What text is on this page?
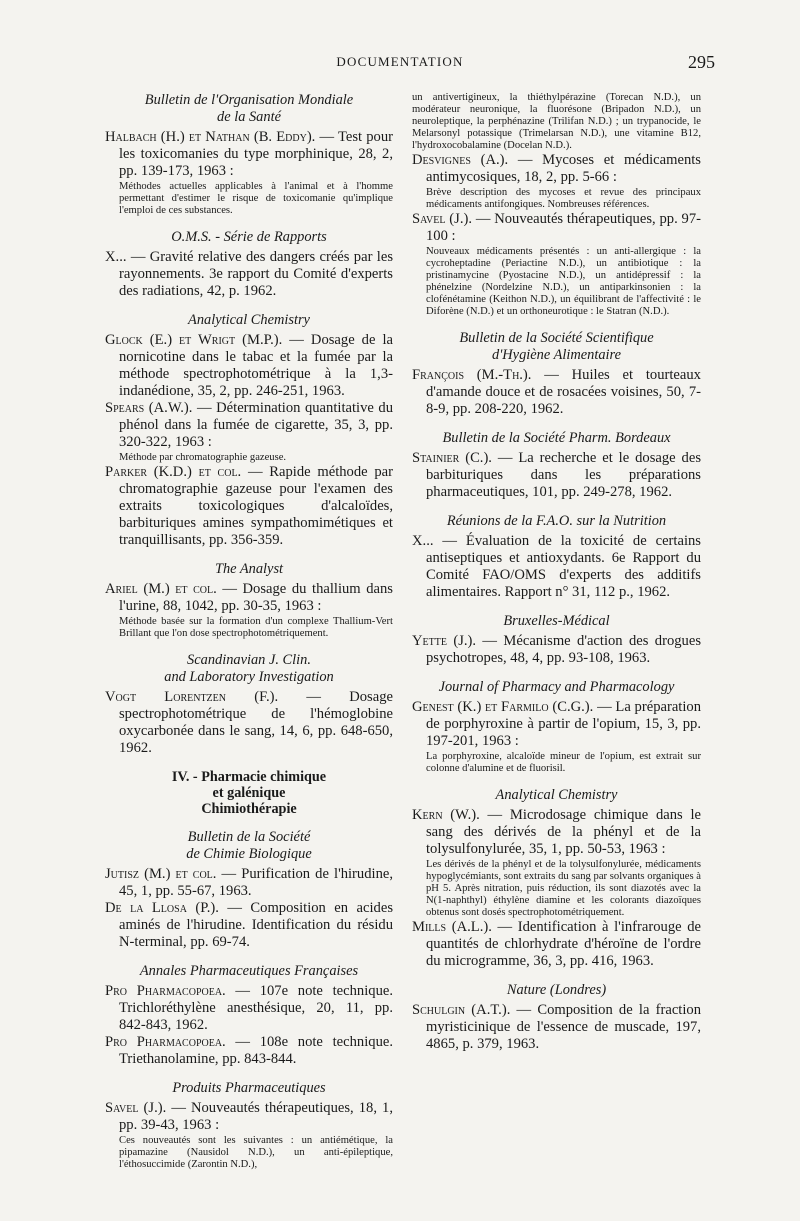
DOCUMENTATION	295
Bulletin de l'Organisation Mondiale
de la Santé

Halbach (H.) et Nathan (B. Eddy). — Test pour les toxicomanies du type morphinique, 28, 2, pp. 139-173, 1963 :

Méthodes actuelles applicables à l'animal et à l'homme permettant d'estimer le risque de toxicomanie qu'implique l'emploi de ces substances.

O.M.S. - Série de Rapports

X... — Gravité relative des dangers créés par les rayonnements. 3e rapport du Comité d'experts des radiations, 42, p. 1962.

Analytical Chemistry

Glock (E.) et Wrigt (M.P.). — Dosage de la nornicotine dans le tabac et la fumée par la méthode spectrophotométrique à la 1,3-indanédione, 35, 2, pp. 246-251, 1963.

Spears (A.W.). — Détermination quantitative du phénol dans la fumée de cigarette, 35, 3, pp. 320-322, 1963 :

Méthode par chromatographie gazeuse.

Parker (K.D.) et col. — Rapide méthode par chromatographie gazeuse pour l'examen des extraits toxicologiques d'alcaloïdes, barbituriques amines sympathomimétiques et tranquillisants, pp. 356-359.

The Analyst

Ariel (M.) et col. — Dosage du thallium dans l'urine, 88, 1042, pp. 30-35, 1963 :

Méthode basée sur la formation d'un complexe Thallium-Vert Brillant que l'on dose spectrophotométriquement.

Scandinavian J. Clin.
and Laboratory Investigation

Vogt Lorentzen (F.). — Dosage spectrophotométrique de l'hémoglobine oxycarbonée dans le sang, 14, 6, pp. 648-650, 1962.

IV. - Pharmacie chimique
et galénique
Chimiothérapie
Bulletin de la Société
de Chimie Biologique

Jutisz (M.) et col. — Purification de l'hirudine, 45, 1, pp. 55-67, 1963.

De la Llosa (P.). — Composition en acides aminés de l'hirudine. Identification du résidu N-terminal, pp. 69-74.

Annales Pharmaceutiques Françaises

Pro Pharmacopoea. — 107e note technique. Trichloréthylène anesthésique, 20, 11, pp. 842-843, 1962.

Pro Pharmacopoea. — 108e note technique. Triethanolamine, pp. 843-844.

Produits Pharmaceutiques

Savel (J.). — Nouveautés thérapeutiques, 18, 1, pp. 39-43, 1963 :

Ces nouveautés sont les suivantes : un antiémétique, la pipamazine (Nausidol N.D.), un anti-épileptique, l'éthosuccimide (Zarontin N.D.),

un antivertigineux, la thiéthylpérazine (Torecan N.D.), un modérateur neuronique, la fluorésone (Bripadon N.D.), un neuroleptique, la perphénazine (Trilifan N.D.) ; un trypanocide, le Melarsonyl potassique (Trimelarsan N.D.), une vitamine B12, l'hydroxocobalamine (Docelan N.D.).

Desvignes (A.). — Mycoses et médicaments antimycosiques, 18, 2, pp. 5-66 :

Brève description des mycoses et revue des principaux médicaments antifongiques. Nombreuses références.

Savel (J.). — Nouveautés thérapeutiques, pp. 97-100 :

Nouveaux médicaments présentés : un anti-allergique : la cycroheptadine (Periactine N.D.), un antibiotique : la pristinamycine (Pyostacine N.D.), un antidépressif : la phénelzine (Nordelzine N.D.), un antiparkinsonien : la clofénétamine (Keithon N.D.), un équilibrant de l'affectivité : le Diforène (N.D.) et un orthoneurotique : le Statran (N.D.).

Bulletin de la Société Scientifique
d'Hygiène Alimentaire

François (M.-Th.). — Huiles et tourteaux d'amande douce et de rosacées voisines, 50, 7-8-9, pp. 208-220, 1962.

Bulletin de la Société Pharm. Bordeaux

Stainier (C.). — La recherche et le dosage des barbituriques dans les préparations pharmaceutiques, 101, pp. 249-278, 1962.

Réunions de la F.A.O. sur la Nutrition

X... — Évaluation de la toxicité de certains antiseptiques et antioxydants. 6e Rapport du Comité FAO/OMS d'experts des additifs alimentaires. Rapport n° 31, 112 p., 1962.

Bruxelles-Médical

Yette (J.). — Mécanisme d'action des drogues psychotropes, 48, 4, pp. 93-108, 1963.

Journal of Pharmacy and Pharmacology

Genest (K.) et Farmilo (C.G.). — La préparation de porphyroxine à partir de l'opium, 15, 3, pp. 197-201, 1963 :

La porphyroxine, alcaloïde mineur de l'opium, est extrait sur colonne d'alumine et de fluorisil.

Analytical Chemistry

Kern (W.). — Microdosage chimique dans le sang des dérivés de la phényl et de la tolysulfonylurée, 35, 1, pp. 50-53, 1963 :

Les dérivés de la phényl et de la tolysulfonylurée, médicaments hypoglycémiants, sont extraits du sang par solvants organiques à pH 5. Après nitration, puis réduction, ils sont diazotés avec la N(1-naphthyl) éthylène diamine et les colorants diazoïques obtenus sont dosés spectrophotométriquement.

Mills (A.L.). — Identification à l'infrarouge de quantités de chlorhydrate d'héroïne de l'ordre du microgramme, 36, 3, pp. 416, 1963.

Nature (Londres)

Schulgin (A.T.). — Composition de la fraction myristicinique de l'essence de muscade, 197, 4865, p. 379, 1963.
